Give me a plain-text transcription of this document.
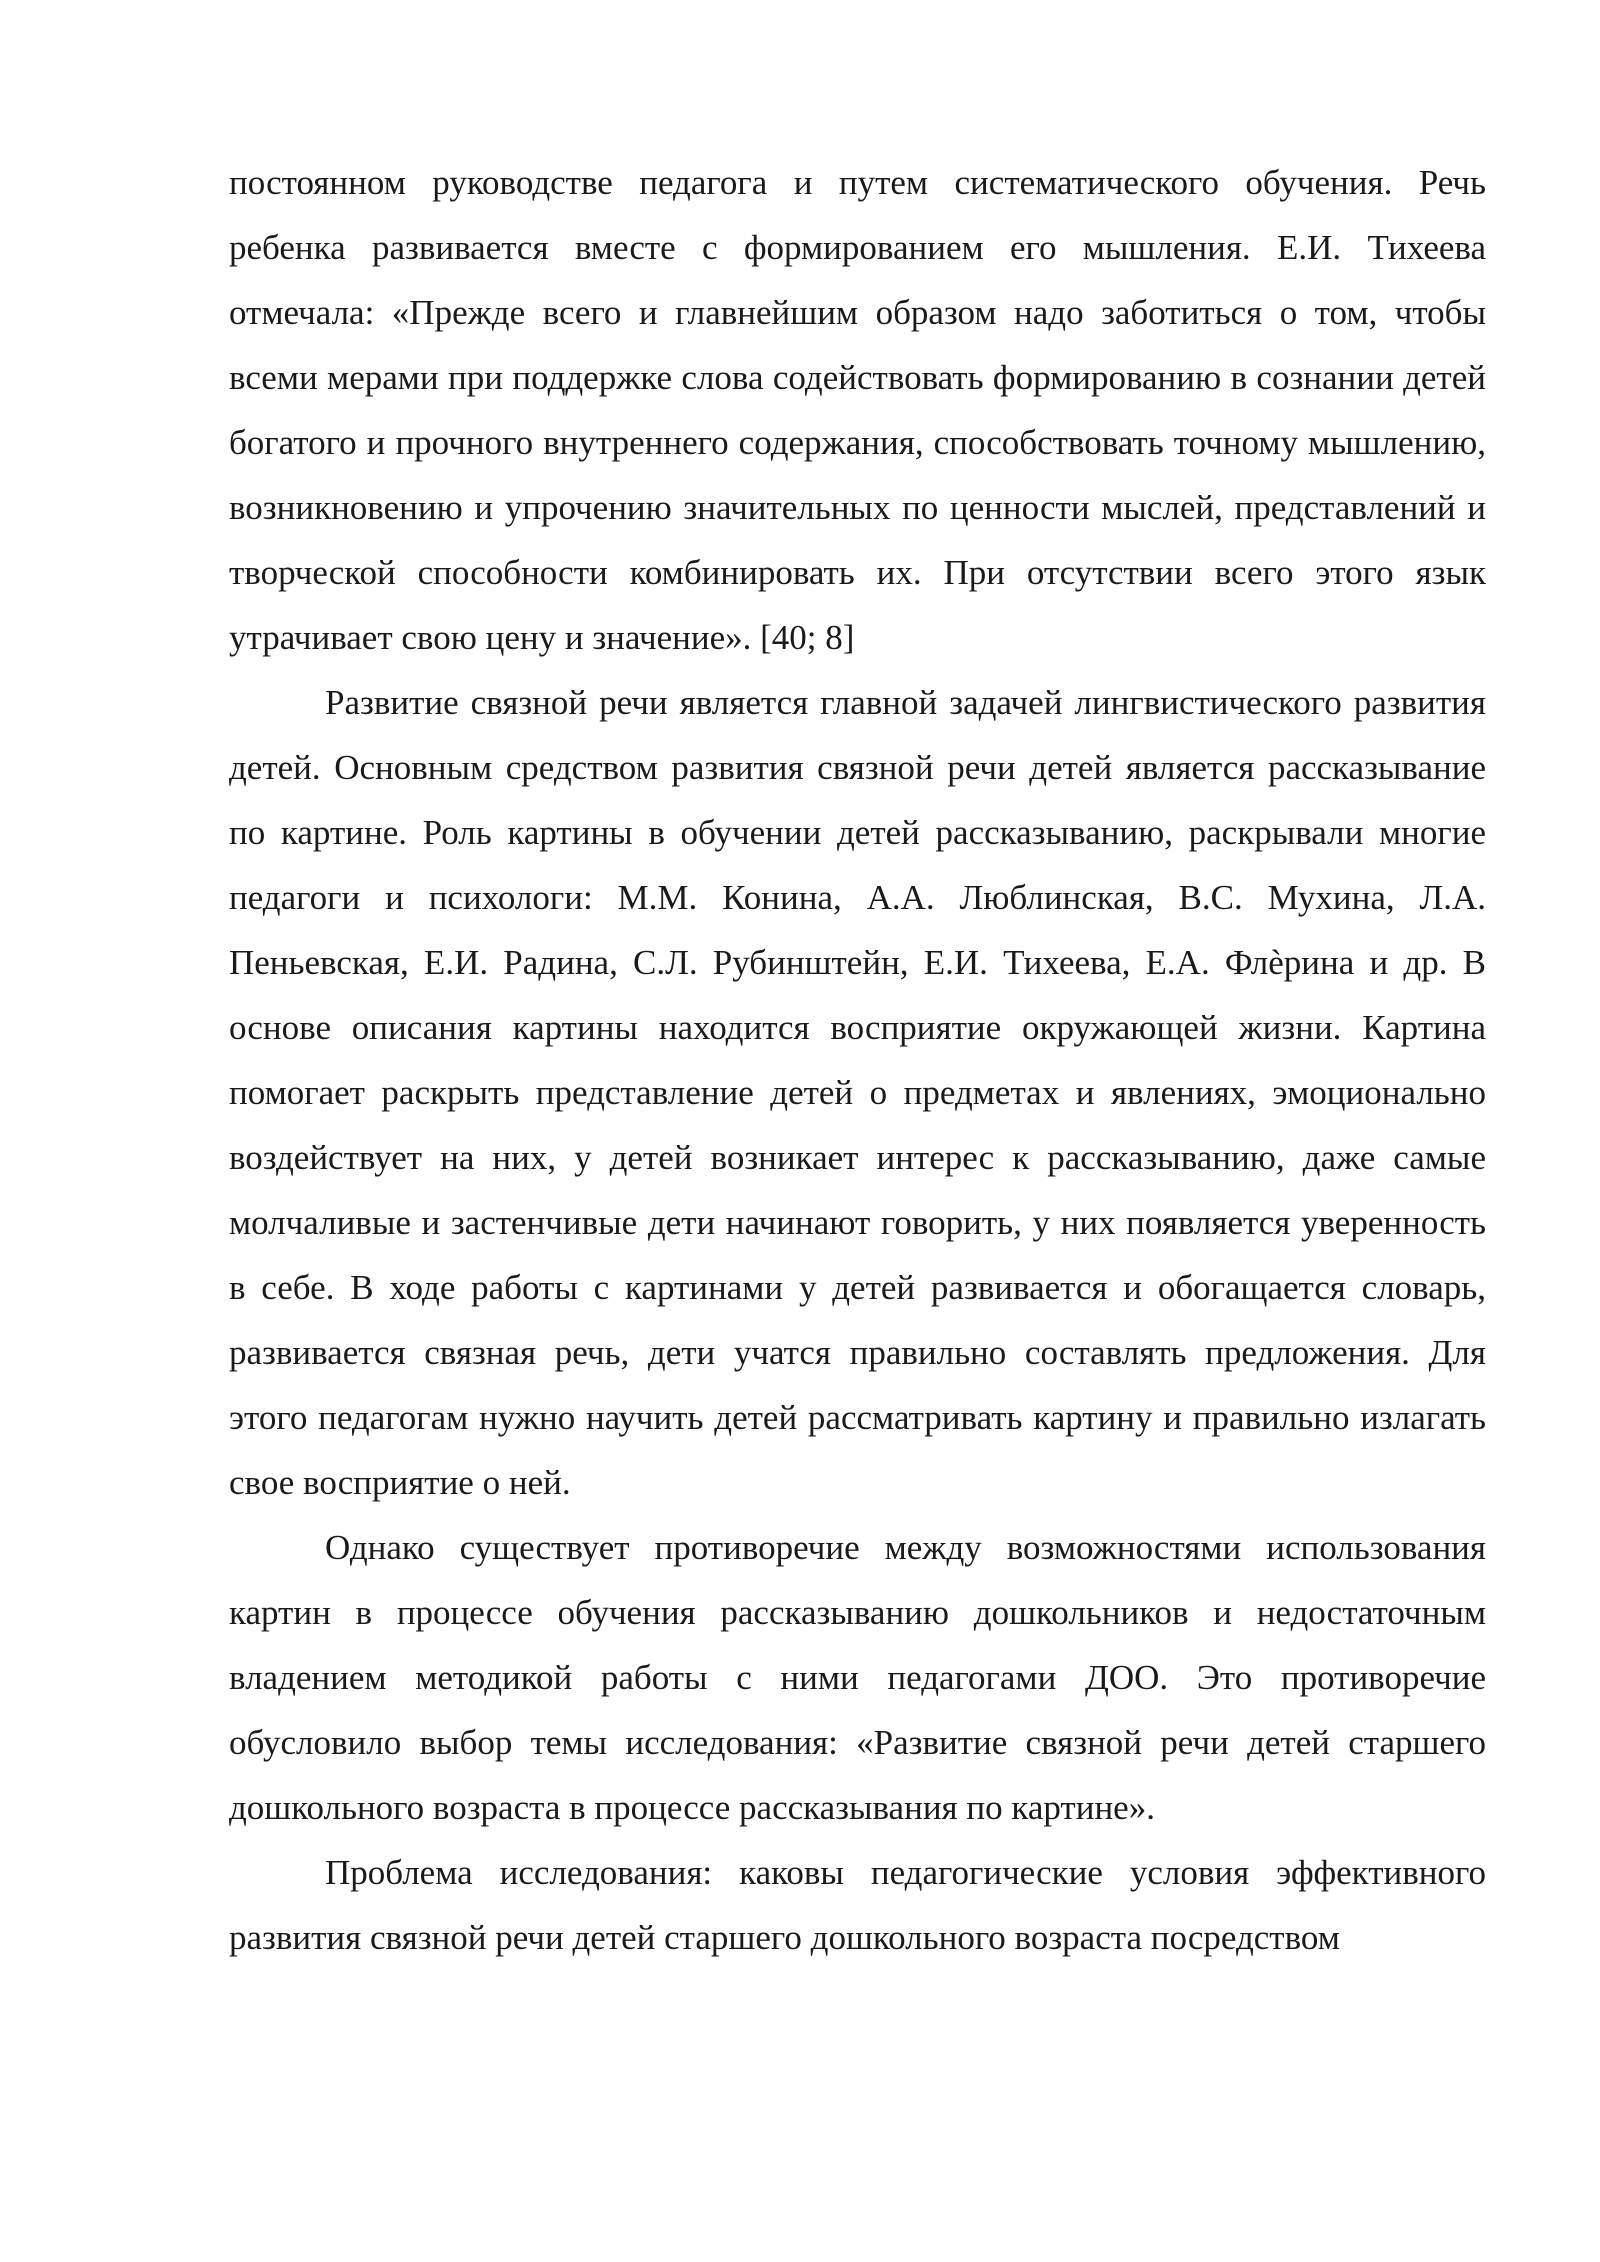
постоянном руководстве педагога и путем систематического обучения. Речь ребенка развивается вместе с формированием его мышления. Е.И. Тихеева отмечала: «Прежде всего и главнейшим образом надо заботиться о том, чтобы всеми мерами при поддержке слова содействовать формированию в сознании детей богатого и прочного внутреннего содержания, способствовать точному мышлению, возникновению и упрочению значительных по ценности мыслей, представлений и творческой способности комбинировать их. При отсутствии всего этого язык утрачивает свою цену и значение». [40; 8]

Развитие связной речи является главной задачей лингвистического развития детей. Основным средством развития связной речи детей является рассказывание по картине. Роль картины в обучении детей рассказыванию, раскрывали многие педагоги и психологи: М.М. Конина, А.А. Люблинская, В.С. Мухина, Л.А. Пеньевская, Е.И. Радина, С.Л. Рубинштейн, Е.И. Тихеева, Е.А. Флѐрина и др. В основе описания картины находится восприятие окружающей жизни. Картина помогает раскрыть представление детей о предметах и явлениях, эмоционально воздействует на них, у детей возникает интерес к рассказыванию, даже самые молчаливые и застенчивые дети начинают говорить, у них появляется уверенность в себе. В ходе работы с картинами у детей развивается и обогащается словарь, развивается связная речь, дети учатся правильно составлять предложения. Для этого педагогам нужно научить детей рассматривать картину и правильно излагать свое восприятие о ней.

Однако существует противоречие между возможностями использования картин в процессе обучения рассказыванию дошкольников и недостаточным владением методикой работы с ними педагогами ДОО. Это противоречие обусловило выбор темы исследования: «Развитие связной речи детей старшего дошкольного возраста в процессе рассказывания по картине».

Проблема исследования: каковы педагогические условия эффективного развития связной речи детей старшего дошкольного возраста посредством
